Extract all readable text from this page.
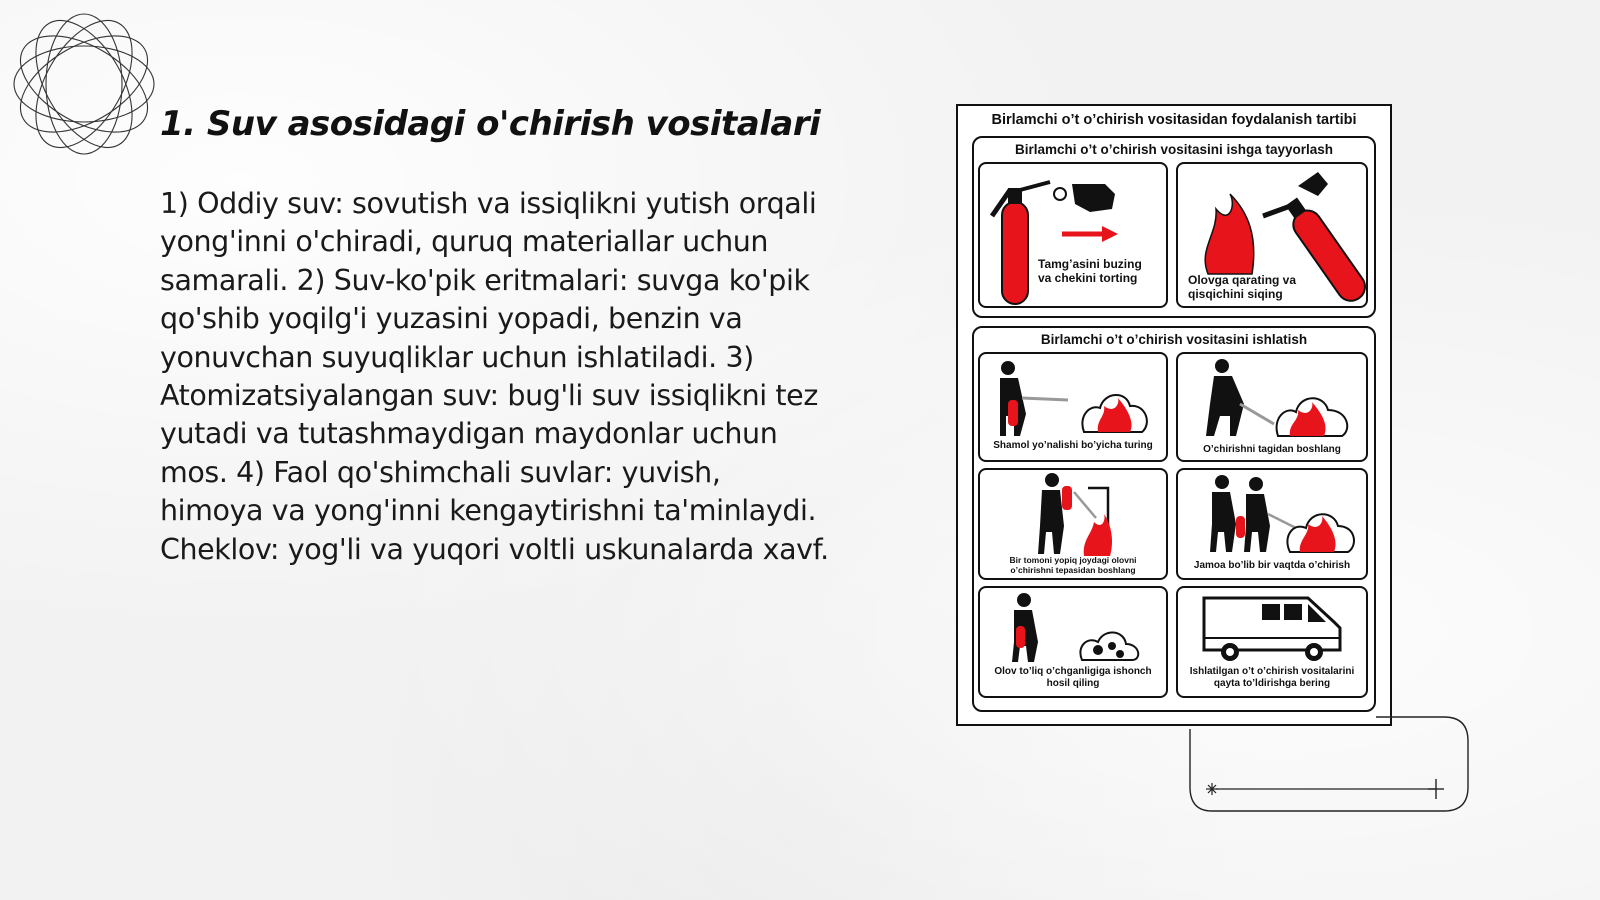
1. Suv asosidagi o'chirish vositalari

1) Oddiy suv: sovutish va issiqlikni yutish orqali yong'inni o'chiradi, quruq materiallar uchun samarali. 2) Suv-ko'pik eritmalari: suvga ko'pik qo'shib yoqilg'i yuzasini yopadi, benzin va yonuvchan suyuqliklar uchun ishlatiladi. 3) Atomizatsiyalangan suv: bug'li suv issiqlikni tez yutadi va tutashmaydigan maydonlar uchun mos. 4) Faol qo'shimchali suvlar: yuvish, himoya va yong'inni kengaytirishni ta'minlaydi. Cheklov: yog'li va yuqori voltli uskunalarda xavf.

Birlamchi o’t o’chirish vositasidan foydalanish tartibi
Birlamchi o’t o’chirish vositasini ishga tayyorlash
Tamg’asini buzing
va chekini torting	Olovga qarating va
qisqichini siqing
Birlamchi o’t o’chirish vositasini ishlatish
Shamol yo’nalishi bo’yicha turing	O’chirishni tagidan boshlang
Bir tomoni yopiq joydagi olovni
o’chirishni tepasidan boshlang	Jamoa bo’lib bir vaqtda o’chirish
Olov to’liq o’chganligiga ishonch
hosil qiling
Ishlatilgan o’t o’chirish vositalarini
qayta to’ldirishga bering
